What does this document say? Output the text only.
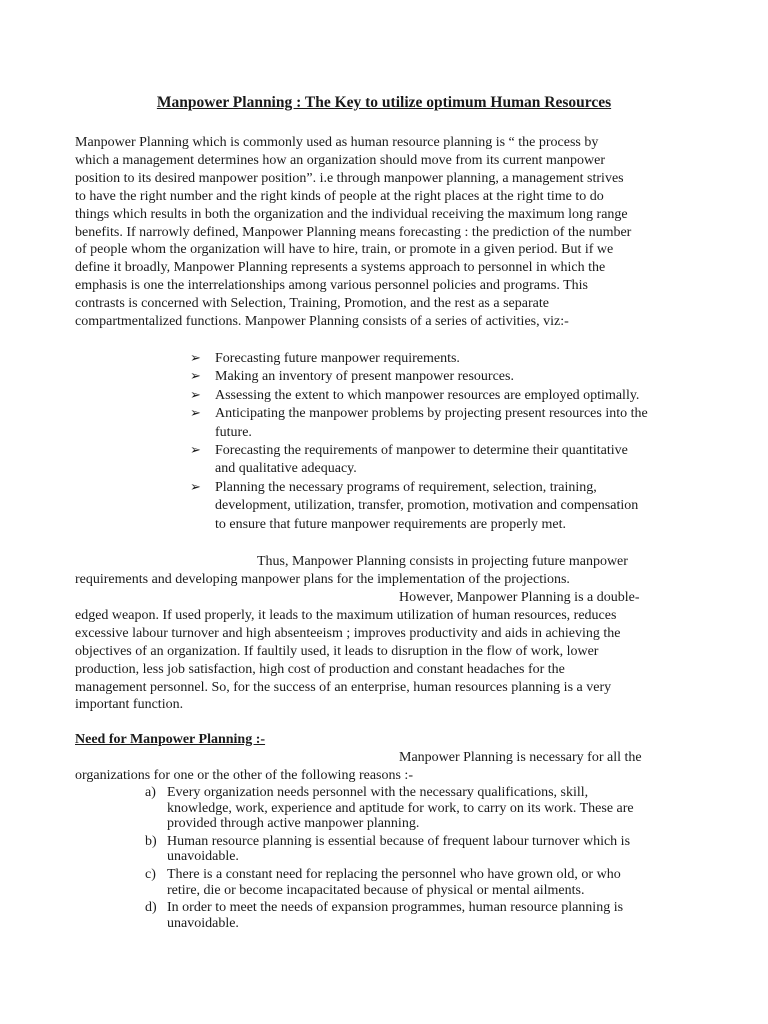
Manpower Planning : The Key to utilize optimum Human Resources

Manpower Planning which is commonly used as human resource planning is “ the process by
which a management determines how an organization should move from its current manpower
position to its desired manpower position”. i.e through manpower planning, a management strives
to have the right number and the right kinds of people at the right places at the right time to do
things which results in both the organization and the individual receiving the maximum long range
benefits. If narrowly defined, Manpower Planning means forecasting : the prediction of the number
of people whom the organization will have to hire, train, or promote in a given period. But if we
define it broadly, Manpower Planning represents a systems approach to personnel in which the
emphasis is one the interrelationships among various personnel policies and programs. This
contrasts is concerned with Selection, Training, Promotion, and the rest as a separate
compartmentalized functions. Manpower Planning consists of a series of activities, viz:-

➢ Forecasting future manpower requirements.
➢ Making an inventory of present manpower resources.
➢ Assessing the extent to which manpower resources are employed optimally.
➢ Anticipating the manpower problems by projecting present resources into the
future.
➢ Forecasting the requirements of manpower to determine their quantitative
and qualitative adequacy.
➢ Planning the necessary programs of requirement, selection, training,
development, utilization, transfer, promotion, motivation and compensation
to ensure that future manpower requirements are properly met.

Thus, Manpower Planning consists in projecting future manpower
requirements and developing manpower plans for the implementation of the projections.

However, Manpower Planning is a double-
edged weapon. If used properly, it leads to the maximum utilization of human resources, reduces
excessive labour turnover and high absenteeism ; improves productivity and aids in achieving the
objectives of an organization. If faultily used, it leads to disruption in the flow of work, lower
production, less job satisfaction, high cost of production and constant headaches for the
management personnel. So, for the success of an enterprise, human resources planning is a very
important function.

Need for Manpower Planning :-
Manpower Planning is necessary for all the
organizations for one or the other of the following reasons :-
a) Every organization needs personnel with the necessary qualifications, skill,
knowledge, work, experience and aptitude for work, to carry on its work. These are
provided through active manpower planning.
b) Human resource planning is essential because of frequent labour turnover which is
unavoidable.
c) There is a constant need for replacing the personnel who have grown old, or who
retire, die or become incapacitated because of physical or mental ailments.
d) In order to meet the needs of expansion programmes, human resource planning is
unavoidable.
